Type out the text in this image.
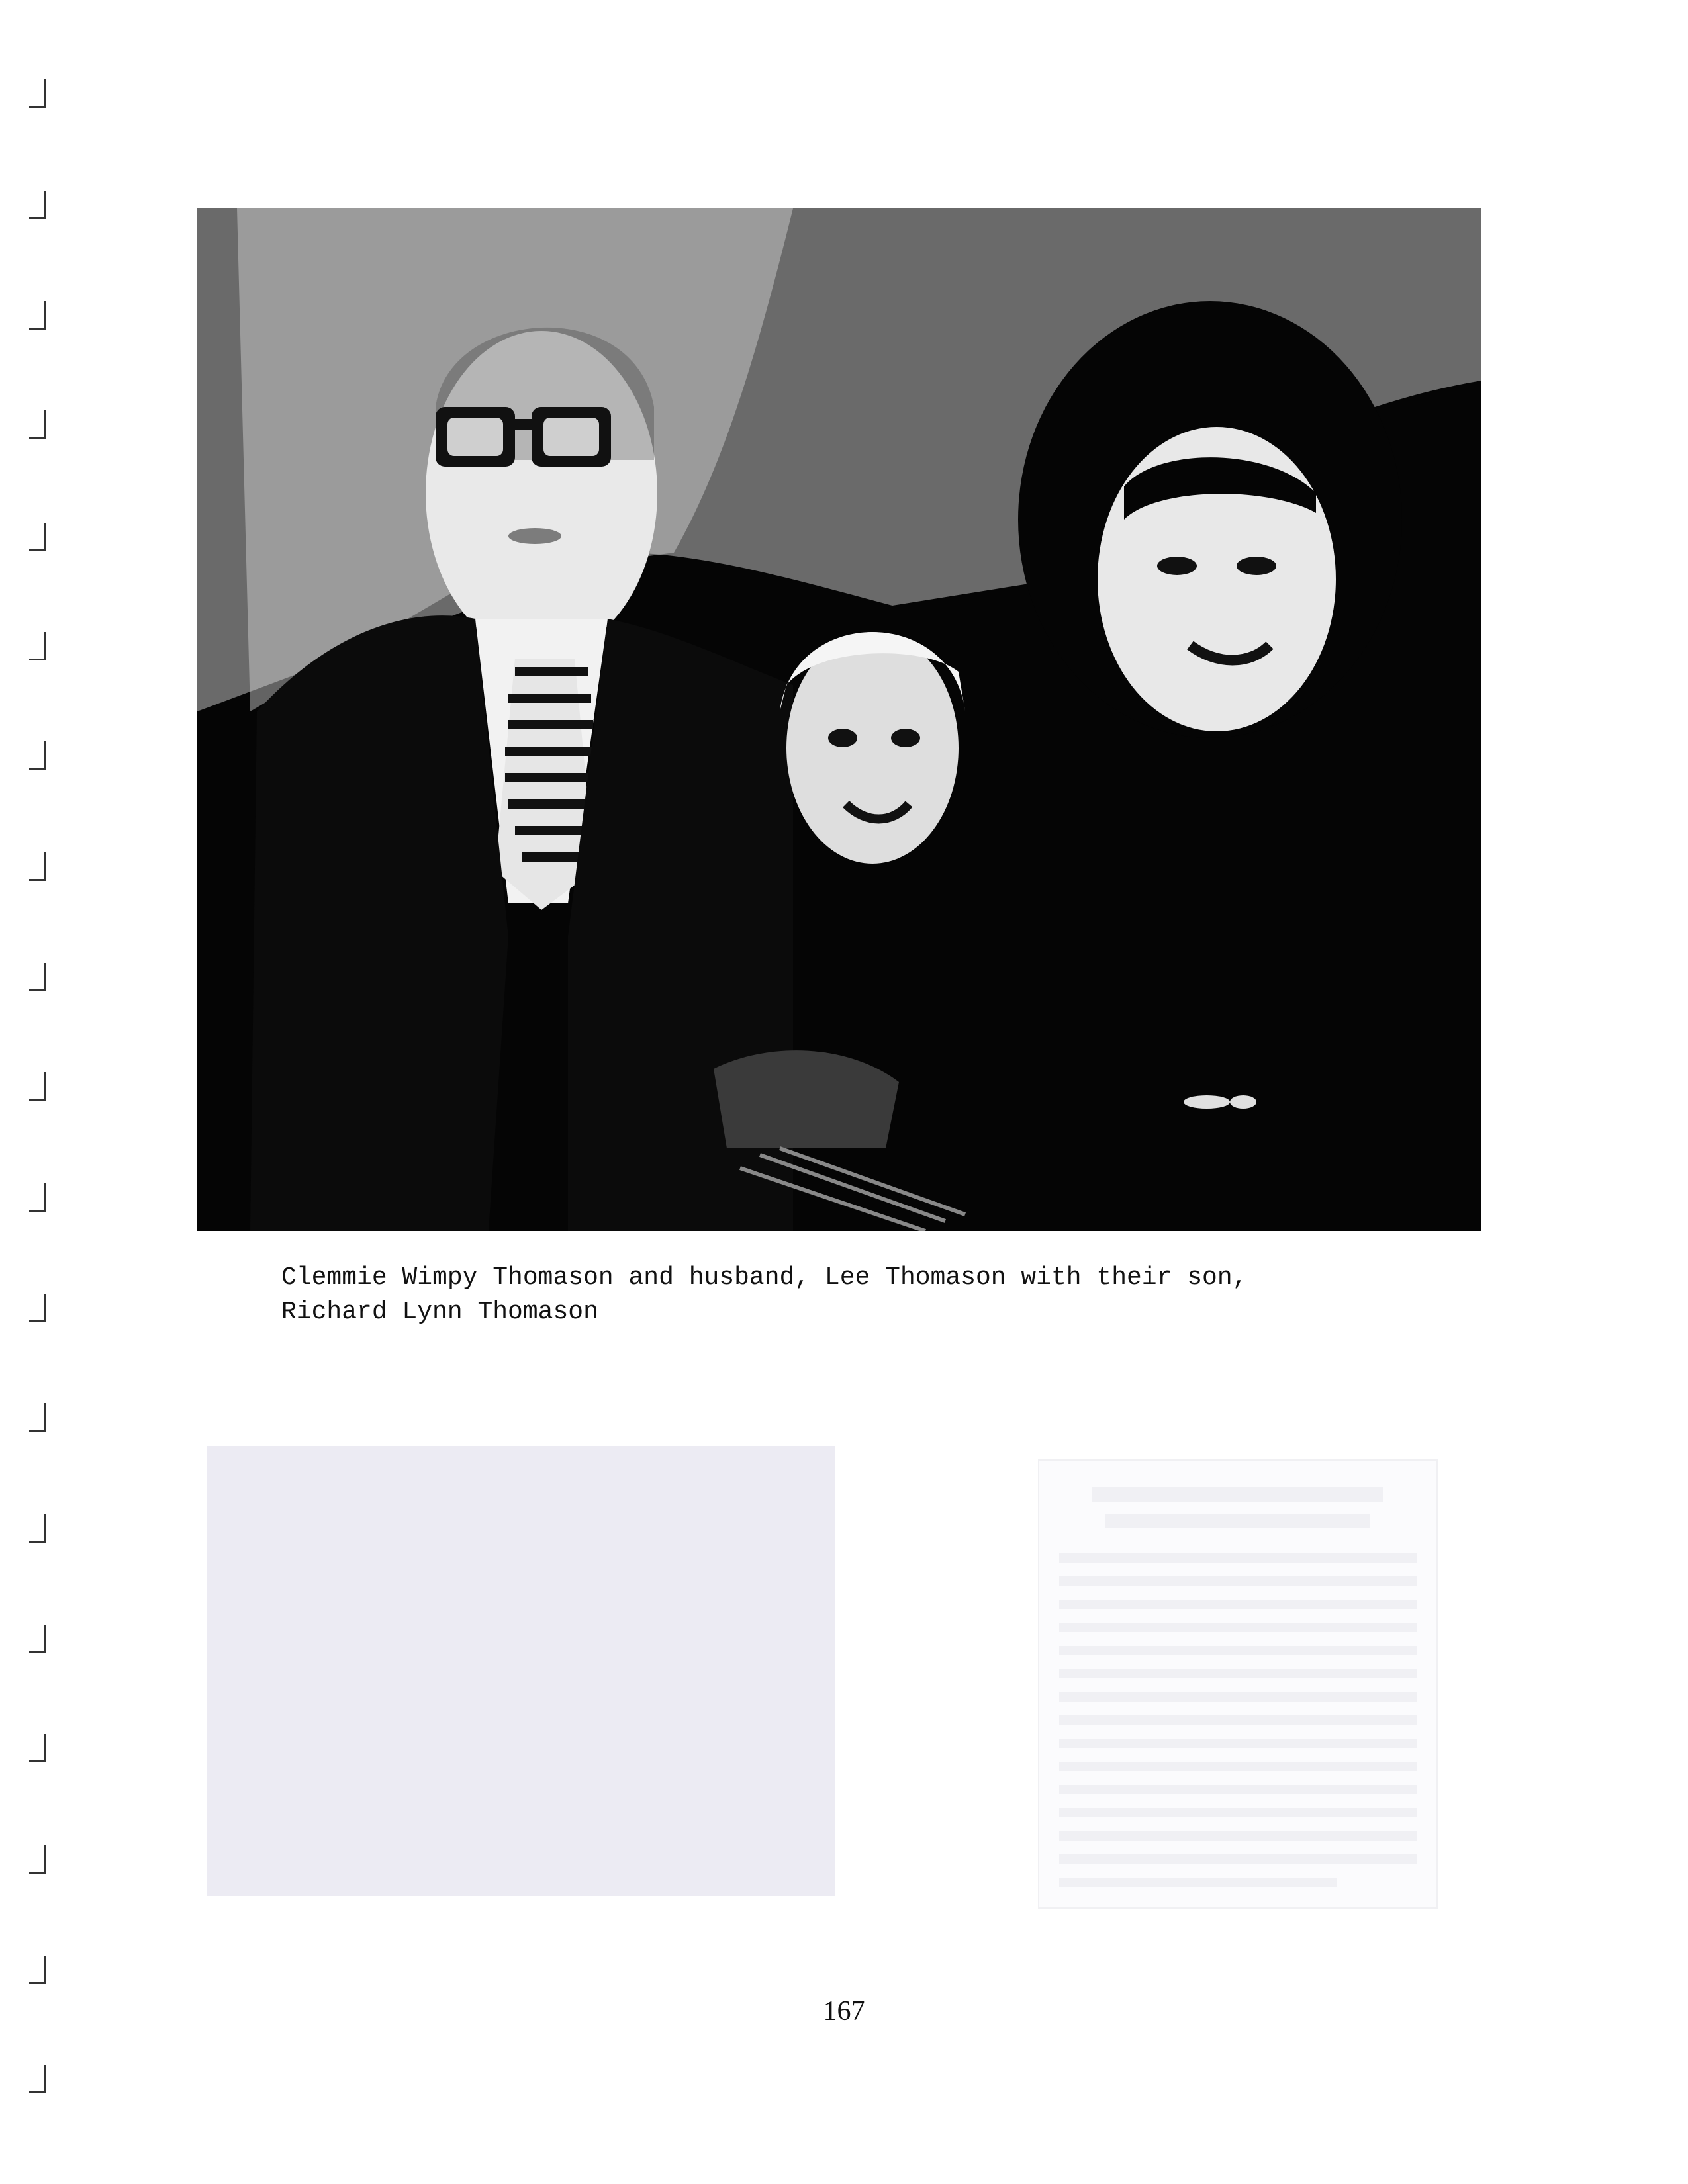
Clemmie Wimpy Thomason and husband, Lee Thomason with their son,
Richard Lynn Thomason
167
